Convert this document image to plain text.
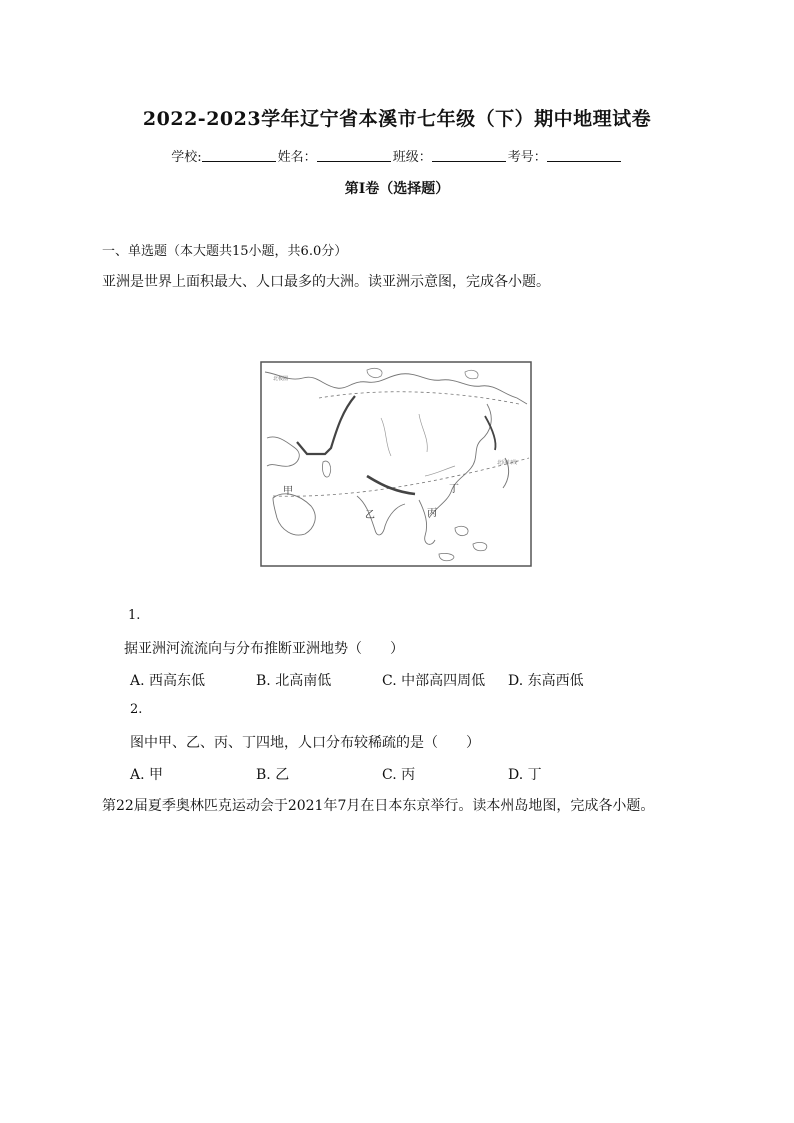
2022-2023学年辽宁省本溪市七年级（下）期中地理试卷
学校:	姓名：	班级：	考号：
第I卷（选择题）
一、单选题（本大题共15小题，共6.0分）
亚洲是世界上面积最大、人口最多的大洲。读亚洲示意图，完成各小题。
甲
乙	丙
丁
北极圈
北回归线
1.
据亚洲河流流向与分布推断亚洲地势（　　）
A. 西高东低	B. 北高南低	C. 中部高四周低 D. 东高西低
2.
图中甲、乙、丙、丁四地，人口分布较稀疏的是（　　）
A. 甲	B. 乙	C. 丙	D. 丁
第22届夏季奥林匹克运动会于2021年7月在日本东京举行。读本州岛地图，完成各小题。
